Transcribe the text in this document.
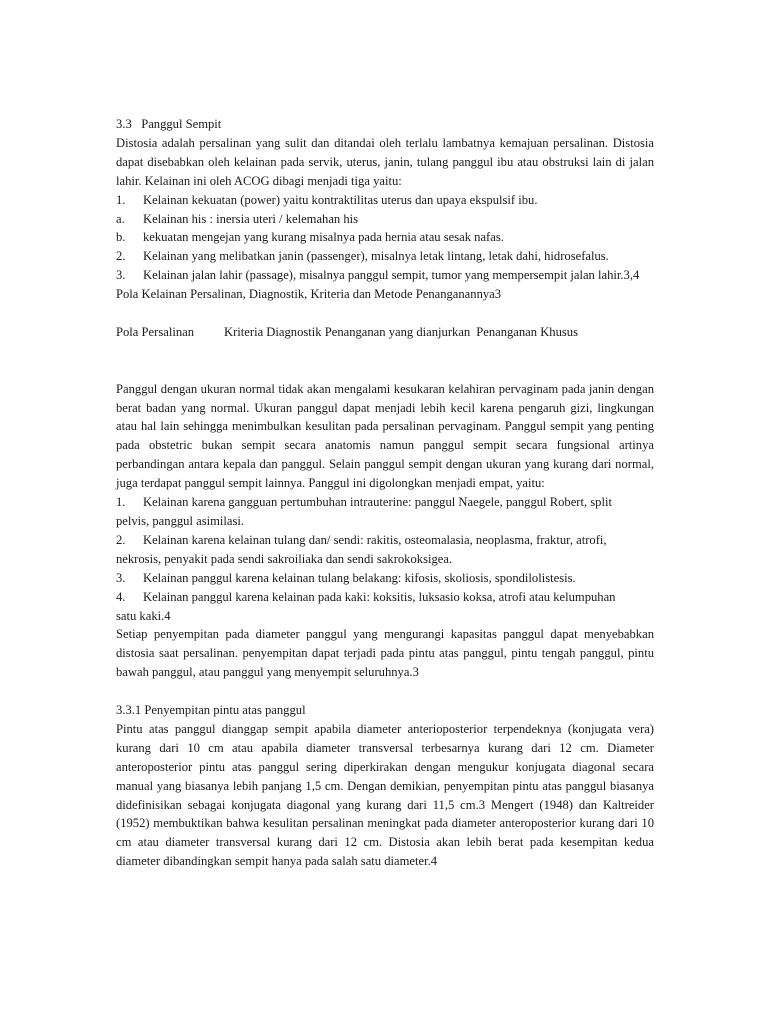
3.3   Panggul Sempit

Distosia adalah persalinan yang sulit dan ditandai oleh terlalu lambatnya kemajuan persalinan. Distosia dapat disebabkan oleh kelainan pada servik, uterus, janin, tulang panggul ibu atau obstruksi lain di jalan lahir. Kelainan ini oleh ACOG dibagi menjadi tiga yaitu:

1.	Kelainan kekuatan (power) yaitu kontraktilitas uterus dan upaya ekspulsif ibu.
a.	Kelainan his : inersia uteri / kelemahan his
b.	kekuatan mengejan yang kurang misalnya pada hernia atau sesak nafas.
2.	Kelainan yang melibatkan janin (passenger), misalnya letak lintang, letak dahi, hidrosefalus.

3. Kelainan jalan lahir (passage), misalnya panggul sempit, tumor yang mempersempit jalan lahir.3,4

Pola Kelainan Persalinan, Diagnostik, Kriteria dan Metode Penanganannya3

Pola Persalinan	Kriteria Diagnostik Penanganan yang dianjurkan Penanganan Khusus

Panggul dengan ukuran normal tidak akan mengalami kesukaran kelahiran pervaginam pada janin dengan berat badan yang normal. Ukuran panggul dapat menjadi lebih kecil karena pengaruh gizi, lingkungan atau hal lain sehingga menimbulkan kesulitan pada persalinan pervaginam. Panggul sempit yang penting pada obstetric bukan sempit secara anatomis namun panggul sempit secara fungsional artinya perbandingan antara kepala dan panggul. Selain panggul sempit dengan ukuran yang kurang dari normal, juga terdapat panggul sempit lainnya. Panggul ini digolongkan menjadi empat, yaitu:

1.	Kelainan karena gangguan pertumbuhan intrauterine: panggul Naegele, panggul Robert, split

pelvis, panggul asimilasi.

2.	Kelainan karena kelainan tulang dan/ sendi: rakitis, osteomalasia, neoplasma, fraktur, atrofi,

nekrosis, penyakit pada sendi sakroiliaka dan sendi sakrokoksigea.

3.	Kelainan panggul karena kelainan tulang belakang: kifosis, skoliosis, spondilolistesis.
4.	Kelainan panggul karena kelainan pada kaki: koksitis, luksasio koksa, atrofi atau kelumpuhan

satu kaki.4

Setiap penyempitan pada diameter panggul yang mengurangi kapasitas panggul dapat menyebabkan distosia saat persalinan. penyempitan dapat terjadi pada pintu atas panggul, pintu tengah panggul, pintu bawah panggul, atau panggul yang menyempit seluruhnya.3

3.3.1 Penyempitan pintu atas panggul

Pintu atas panggul dianggap sempit apabila diameter anterioposterior terpendeknya (konjugata vera) kurang dari 10 cm atau apabila diameter transversal terbesarnya kurang dari 12 cm. Diameter anteroposterior pintu atas panggul sering diperkirakan dengan mengukur konjugata diagonal secara manual yang biasanya lebih panjang 1,5 cm. Dengan demikian, penyempitan pintu atas panggul biasanya didefinisikan sebagai konjugata diagonal yang kurang dari 11,5 cm.3 Mengert (1948) dan Kaltreider (1952) membuktikan bahwa kesulitan persalinan meningkat pada diameter anteroposterior kurang dari 10 cm atau diameter transversal kurang dari 12 cm. Distosia akan lebih berat pada kesempitan kedua diameter dibandingkan sempit hanya pada salah satu diameter.4
